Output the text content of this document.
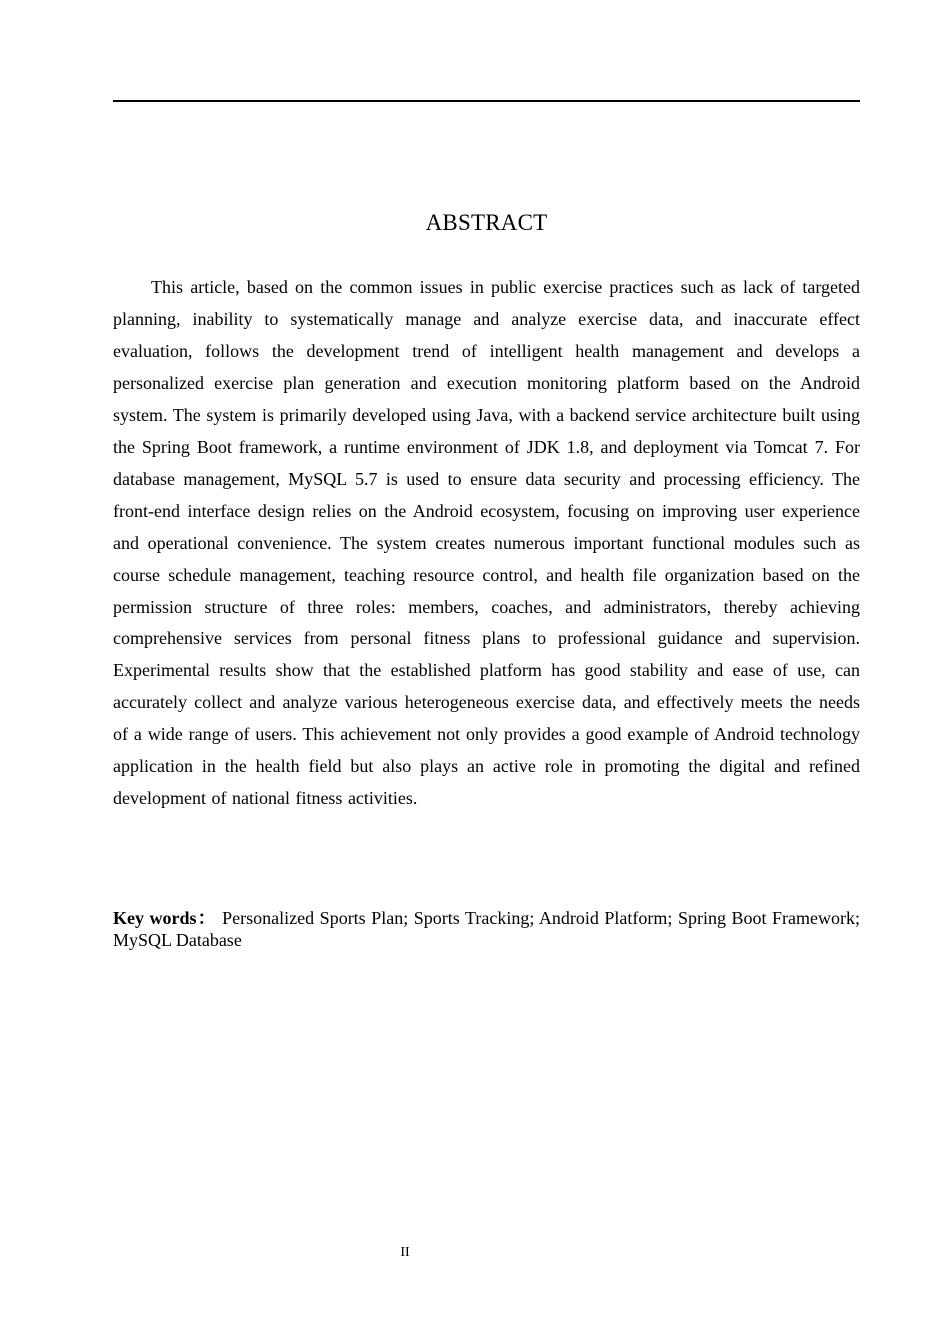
ABSTRACT

This article, based on the common issues in public exercise practices such as lack of targeted planning, inability to systematically manage and analyze exercise data, and inaccurate effect evaluation, follows the development trend of intelligent health management and develops a personalized exercise plan generation and execution monitoring platform based on the Android system. The system is primarily developed using Java, with a backend service architecture built using the Spring Boot framework, a runtime environment of JDK 1.8, and deployment via Tomcat 7. For database management, MySQL 5.7 is used to ensure data security and processing efficiency. The front-end interface design relies on the Android ecosystem, focusing on improving user experience and operational convenience. The system creates numerous important functional modules such as course schedule management, teaching resource control, and health file organization based on the permission structure of three roles: members, coaches, and administrators, thereby achieving comprehensive services from personal fitness plans to professional guidance and supervision. Experimental results show that the established platform has good stability and ease of use, can accurately collect and analyze various heterogeneous exercise data, and effectively meets the needs of a wide range of users. This achievement not only provides a good example of Android technology application in the health field but also plays an active role in promoting the digital and refined development of national fitness activities.

Key words： Personalized Sports Plan; Sports Tracking; Android Platform; Spring Boot Framework; MySQL Database

II
